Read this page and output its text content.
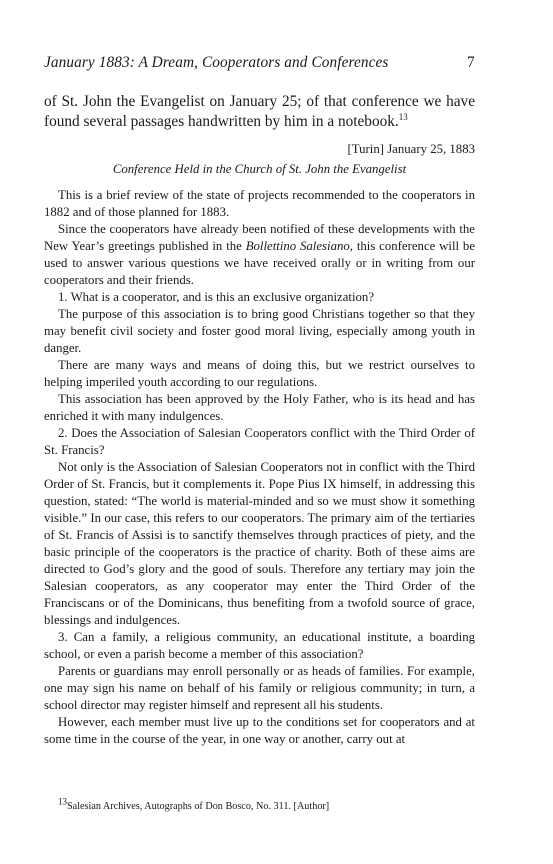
January 1883: A Dream, Cooperators and Conferences	7
of St. John the Evangelist on January 25; of that conference we have found several passages handwritten by him in a notebook.$^{13}$
[Turin] January 25, 1883
Conference Held in the Church of St. John the Evangelist

This is a brief review of the state of projects recommended to the cooperators in 1882 and of those planned for 1883.

Since the cooperators have already been notified of these developments with the New Year’s greetings published in the Bollettino Salesiano, this conference will be used to answer various questions we have received orally or in writing from our cooperators and their friends.

1. What is a cooperator, and is this an exclusive organization?

The purpose of this association is to bring good Christians together so that they may benefit civil society and foster good moral living, especially among youth in danger.

There are many ways and means of doing this, but we restrict ourselves to helping imperiled youth according to our regulations.

This association has been approved by the Holy Father, who is its head and has enriched it with many indulgences.

2. Does the Association of Salesian Cooperators conflict with the Third Order of St. Francis?

Not only is the Association of Salesian Cooperators not in conflict with the Third Order of St. Francis, but it complements it. Pope Pius IX himself, in addressing this question, stated: “The world is material-minded and so we must show it something visible.” In our case, this refers to our cooperators. The primary aim of the tertiaries of St. Francis of Assisi is to sanctify themselves through practices of piety, and the basic principle of the cooperators is the practice of charity. Both of these aims are directed to God’s glory and the good of souls. Therefore any tertiary may join the Salesian cooperators, as any cooperator may enter the Third Order of the Franciscans or of the Dominicans, thus benefiting from a twofold source of grace, blessings and indulgences.

3. Can a family, a religious community, an educational institute, a boarding school, or even a parish become a member of this association?

Parents or guardians may enroll personally or as heads of families. For example, one may sign his name on behalf of his family or religious community; in turn, a school director may register himself and represent all his students.

However, each member must live up to the conditions set for cooperators and at some time in the course of the year, in one way or another, carry out at

13Salesian Archives, Autographs of Don Bosco, No. 311. [Author]
